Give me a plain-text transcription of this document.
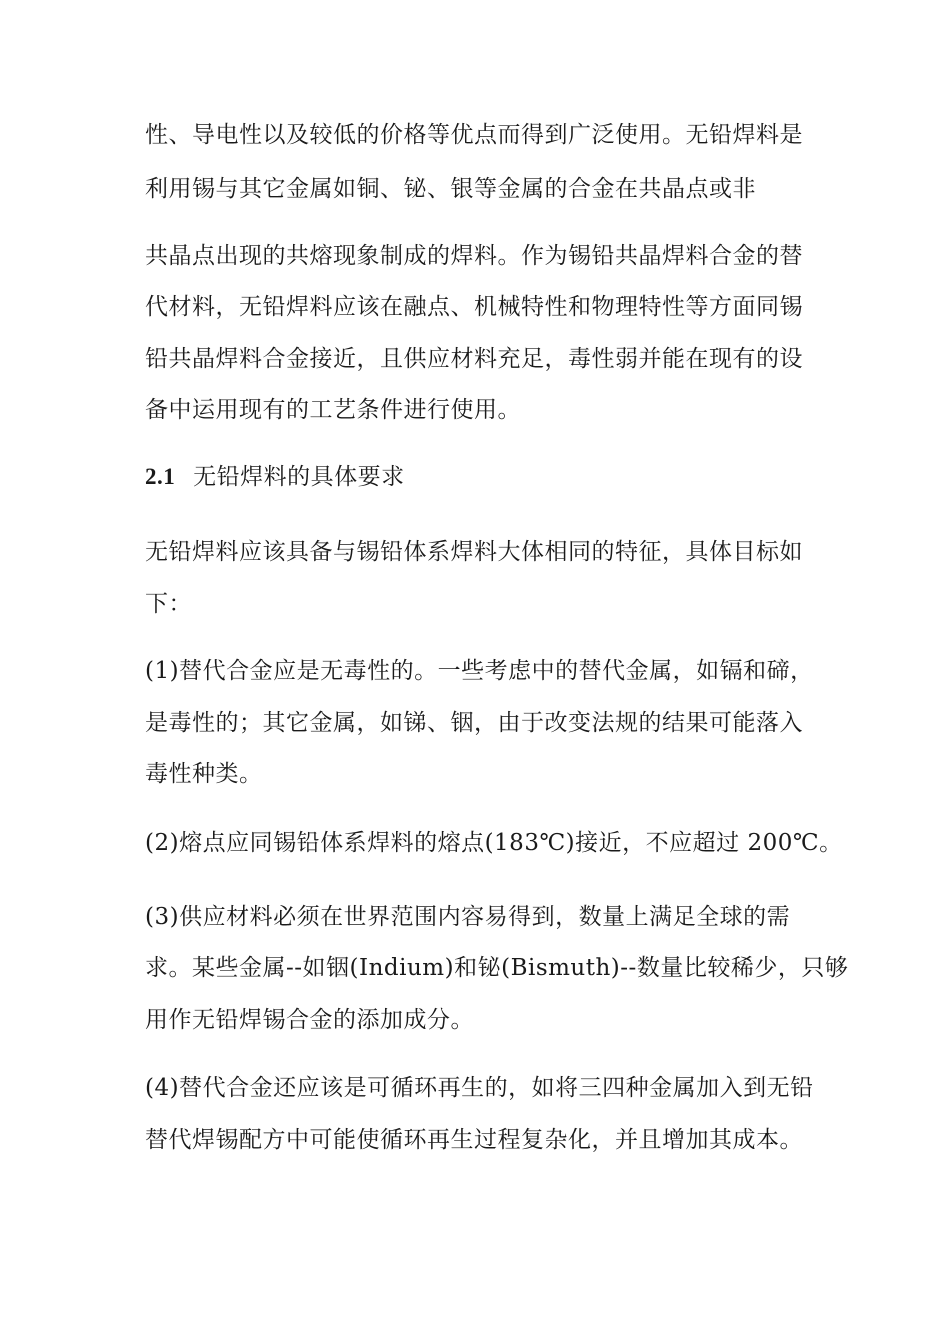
性、导电性以及较低的价格等优点而得到广泛使用。无铅焊料是
利用锡与其它金属如铜、铋、银等金属的合金在共晶点或非
共晶点出现的共熔现象制成的焊料。作为锡铅共晶焊料合金的替
代材料，无铅焊料应该在融点、机械特性和物理特性等方面同锡
铅共晶焊料合金接近，且供应材料充足，毒性弱并能在现有的设
备中运用现有的工艺条件进行使用。
2.1 无铅焊料的具体要求
无铅焊料应该具备与锡铅体系焊料大体相同的特征，具体目标如
下：
(1)替代合金应是无毒性的。一些考虑中的替代金属，如镉和碲，
是毒性的；其它金属，如锑、铟，由于改变法规的结果可能落入
毒性种类。
(2)熔点应同锡铅体系焊料的熔点(183℃)接近，不应超过 200℃。
(3)供应材料必须在世界范围内容易得到，数量上满足全球的需
求。某些金属--如铟(Indium)和铋(Bismuth)--数量比较稀少，只够
用作无铅焊锡合金的添加成分。
(4)替代合金还应该是可循环再生的，如将三四种金属加入到无铅
替代焊锡配方中可能使循环再生过程复杂化，并且增加其成本。
